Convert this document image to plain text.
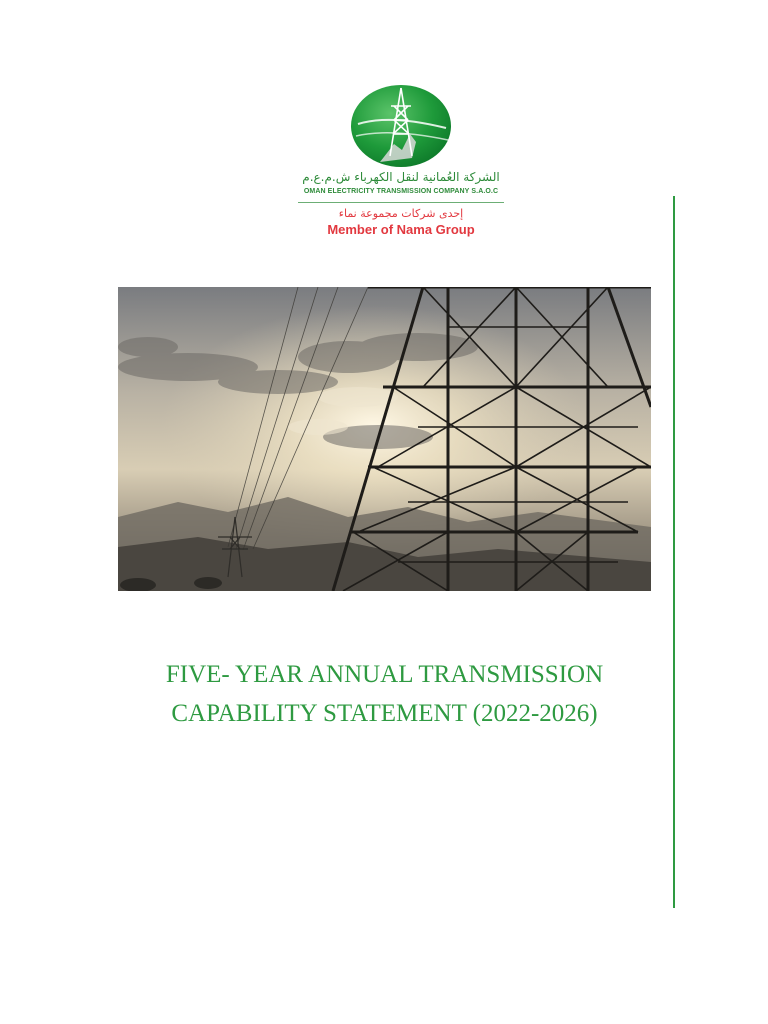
الشركة العُمانية لنقل الكهرباء ش.م.ع.م
OMAN ELECTRICITY TRANSMISSION COMPANY S.A.O.C
إحدى شركات مجموعة نماء
Member of Nama Group
FIVE- YEAR ANNUAL TRANSMISSION
CAPABILITY STATEMENT (2022-2026)
